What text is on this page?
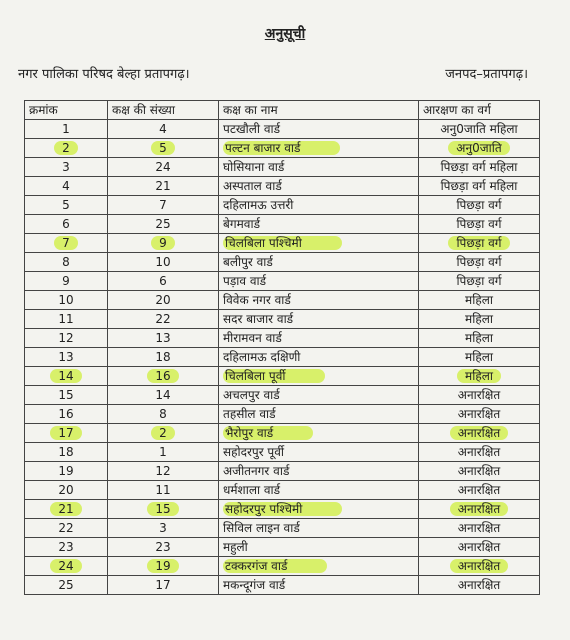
अनुसूची
नगर पालिका परिषद बेल्हा प्रतापगढ़।	जनपद–प्रतापगढ़।
क्रमांक	कक्ष की संख्या	कक्ष का नाम	आरक्षण का वर्ग
1	4	पटखौली वार्ड	अनु0जाति महिला
2	5	पल्टन बाजार वार्ड	अनु0जाति
3	24	घोसियाना वार्ड	पिछड़ा वर्ग महिला
4	21	अस्पताल वार्ड	पिछड़ा वर्ग महिला
5	7	दहिलामऊ उत्तरी	पिछड़ा वर्ग
6	25	बेगमवार्ड	पिछड़ा वर्ग
7	9	चिलबिला पश्चिमी	पिछड़ा वर्ग
8	10	बलीपुर वार्ड	पिछड़ा वर्ग
9	6	पड़ाव वार्ड	पिछड़ा वर्ग
10	20	विवेक नगर वार्ड	महिला
11	22	सदर बाजार वार्ड	महिला
12	13	मीरामवन वार्ड	महिला
13	18	दहिलामऊ दक्षिणी	महिला
14	16	चिलबिला पूर्वी	महिला
15	14	अचलपुर वार्ड	अनारक्षित
16	8	तहसील वार्ड	अनारक्षित
17	2	भैरोपुर वार्ड	अनारक्षित
18	1	सहोदरपुर पूर्वी	अनारक्षित
19	12	अजीतनगर वार्ड	अनारक्षित
20	11	धर्मशाला वार्ड	अनारक्षित
21	15	सहोदरपुर पश्चिमी	अनारक्षित
22	3	सिविल लाइन वार्ड	अनारक्षित
23	23	महुली	अनारक्षित
24	19	टक्करगंज वार्ड	अनारक्षित
25	17	मकन्दूगंज वार्ड	अनारक्षित
